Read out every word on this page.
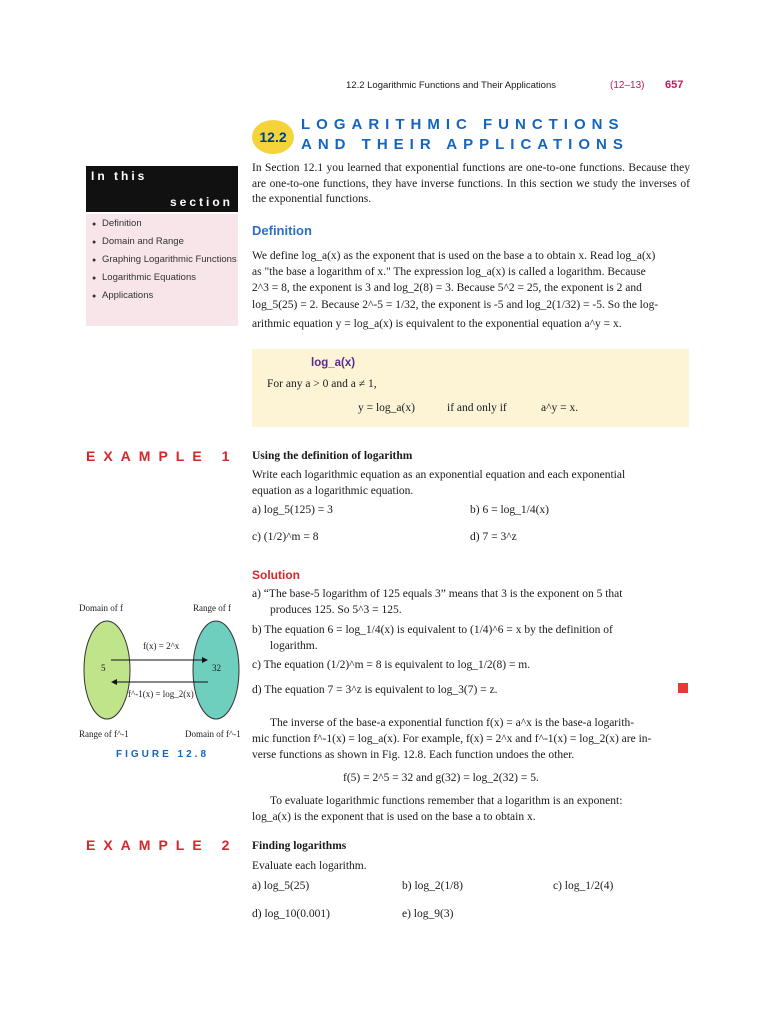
12.2 Logarithmic Functions and Their Applications	(12–13) 657
12.2
LOGARITHMIC FUNCTIONS
AND THEIR APPLICATIONS
In this
section
● Definition
● Domain and Range
● Graphing Logarithmic Functions
● Logarithmic Equations
● Applications
In Section 12.1 you learned that exponential functions are one-to-one functions. Because they are one-to-one functions, they have inverse functions. In this section we study the inverses of the exponential functions.
Definition
We define log_a(x) as the exponent that is used on the base a to obtain x. Read log_a(x)
as "the base a logarithm of x." The expression log_a(x) is called a logarithm. Because
2^3 = 8, the exponent is 3 and log_2(8) = 3. Because 5^2 = 25, the exponent is 2 and
log_5(25) = 2. Because 2^-5 = 1/32, the exponent is -5 and log_2(1/32) = -5. So the log-
arithmic equation y = log_a(x) is equivalent to the exponential equation a^y = x.
log_a(x)
For any a > 0 and a ≠ 1,
y = log_a(x)	if and only if	a^y = x.
EXAMPLE 1 Using the definition of logarithm
Write each logarithmic equation as an exponential equation and each exponential
equation as a logarithmic equation.
a) log_5(125) = 3	b) 6 = log_1/4(x)
c) (1/2)^m = 8	d) 7 = 3^z
Solution
a) “The base-5 logarithm of 125 equals 3” means that 3 is the exponent on 5 that
produces 125. So 5^3 = 125.
b) The equation 6 = log_1/4(x) is equivalent to (1/4)^6 = x by the definition of
logarithm.
c) The equation (1/2)^m = 8 is equivalent to log_1/2(8) = m.
d) The equation 7 = 3^z is equivalent to log_3(7) = z.
Domain of f	Range of f
f(x) = 2^x
5	32
f^-1(x) = log_2(x)
Range of f^-1	Domain of f^-1
FIGURE 12.8
The inverse of the base-a exponential function f(x) = a^x is the base-a logarith-
mic function f^-1(x) = log_a(x). For example, f(x) = 2^x and f^-1(x) = log_2(x) are in-
verse functions as shown in Fig. 12.8. Each function undoes the other.
f(5) = 2^5 = 32 and g(32) = log_2(32) = 5.
To evaluate logarithmic functions remember that a logarithm is an exponent:
log_a(x) is the exponent that is used on the base a to obtain x.
EXAMPLE 2 Finding logarithms
Evaluate each logarithm.
a) log_5(25)	b) log_2(1/8)	c) log_1/2(4)
d) log_10(0.001)	e) log_9(3)
